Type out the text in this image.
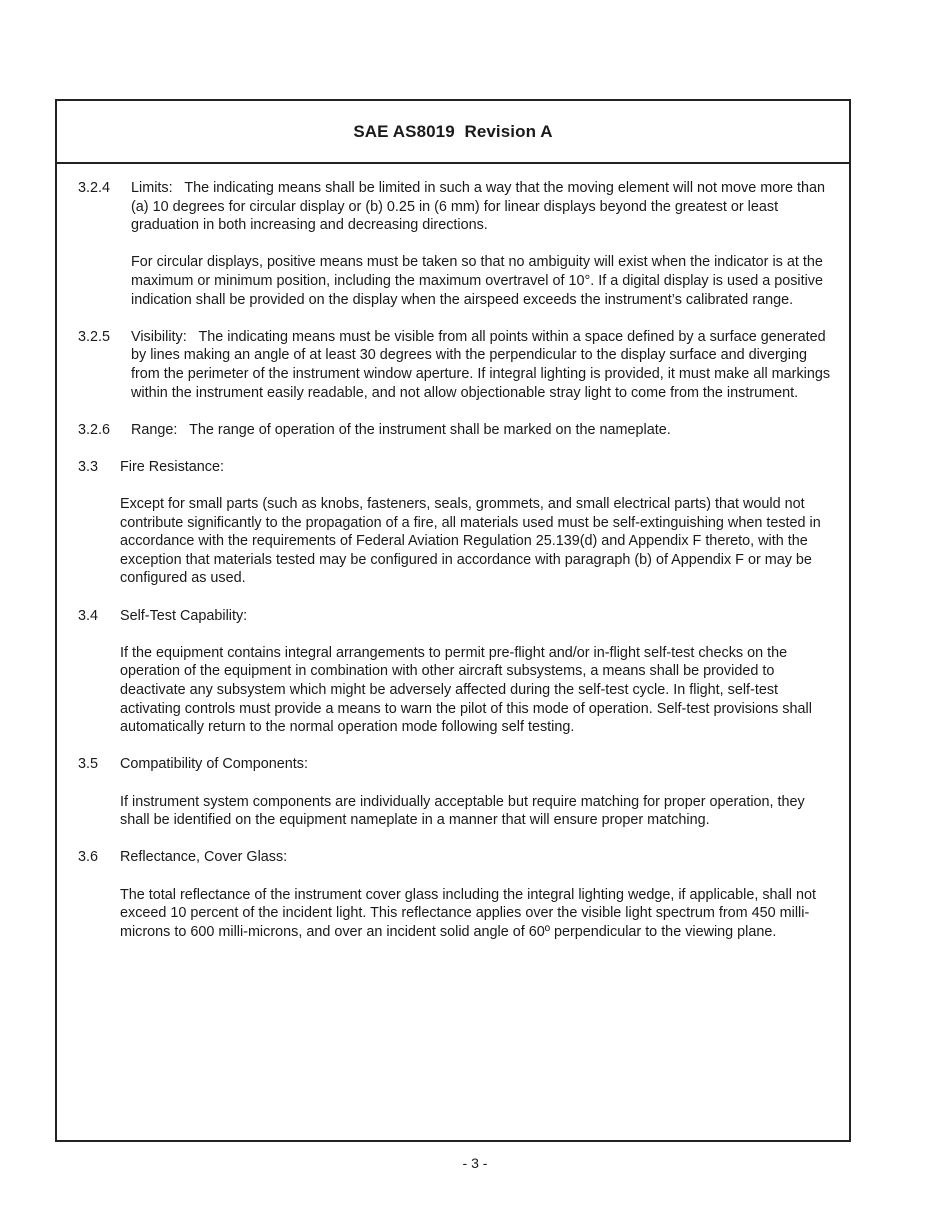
SAE AS8019  Revision A
3.2.4	Limits:   The indicating means shall be limited in such a way that the moving element will not move more than (a) 10 degrees for circular display or (b) 0.25 in (6 mm) for linear displays beyond the greatest or least graduation in both increasing and decreasing directions.

For circular displays, positive means must be taken so that no ambiguity will exist when the indicator is at the maximum or minimum position, including the maximum overtravel of 10°. If a digital display is used a positive indication shall be provided on the display when the airspeed exceeds the instrument’s calibrated range.

3.2.5	Visibility:   The indicating means must be visible from all points within a space defined by a surface generated by lines making an angle of at least 30 degrees with the perpendicular to the display surface and diverging from the perimeter of the instrument window aperture. If integral lighting is provided, it must make all markings within the instrument easily readable, and not allow objectionable stray light to come from the instrument.

3.2.6	Range:   The range of operation of the instrument shall be marked on the nameplate.

3.3	Fire Resistance:

Except for small parts (such as knobs, fasteners, seals, grommets, and small electrical parts) that would not contribute significantly to the propagation of a fire, all materials used must be self-extinguishing when tested in accordance with the requirements of Federal Aviation Regulation 25.139(d) and Appendix F thereto, with the exception that materials tested may be configured in accordance with paragraph (b) of Appendix F or may be configured as used.

3.4	Self-Test Capability:

If the equipment contains integral arrangements to permit pre-flight and/or in-flight self-test checks on the operation of the equipment in combination with other aircraft subsystems, a means shall be provided to deactivate any subsystem which might be adversely affected during the self-test cycle. In flight, self-test activating controls must provide a means to warn the pilot of this mode of operation. Self-test provisions shall automatically return to the normal operation mode following self testing.

3.5	Compatibility of Components:

If instrument system components are individually acceptable but require matching for proper operation, they shall be identified on the equipment nameplate in a manner that will ensure proper matching.

3.6	Reflectance, Cover Glass:

The total reflectance of the instrument cover glass including the integral lighting wedge, if applicable, shall not exceed 10 percent of the incident light. This reflectance applies over the visible light spectrum from 450 milli-microns to 600 milli-microns, and over an incident solid angle of 60º perpendicular to the viewing plane.

- 3 -
